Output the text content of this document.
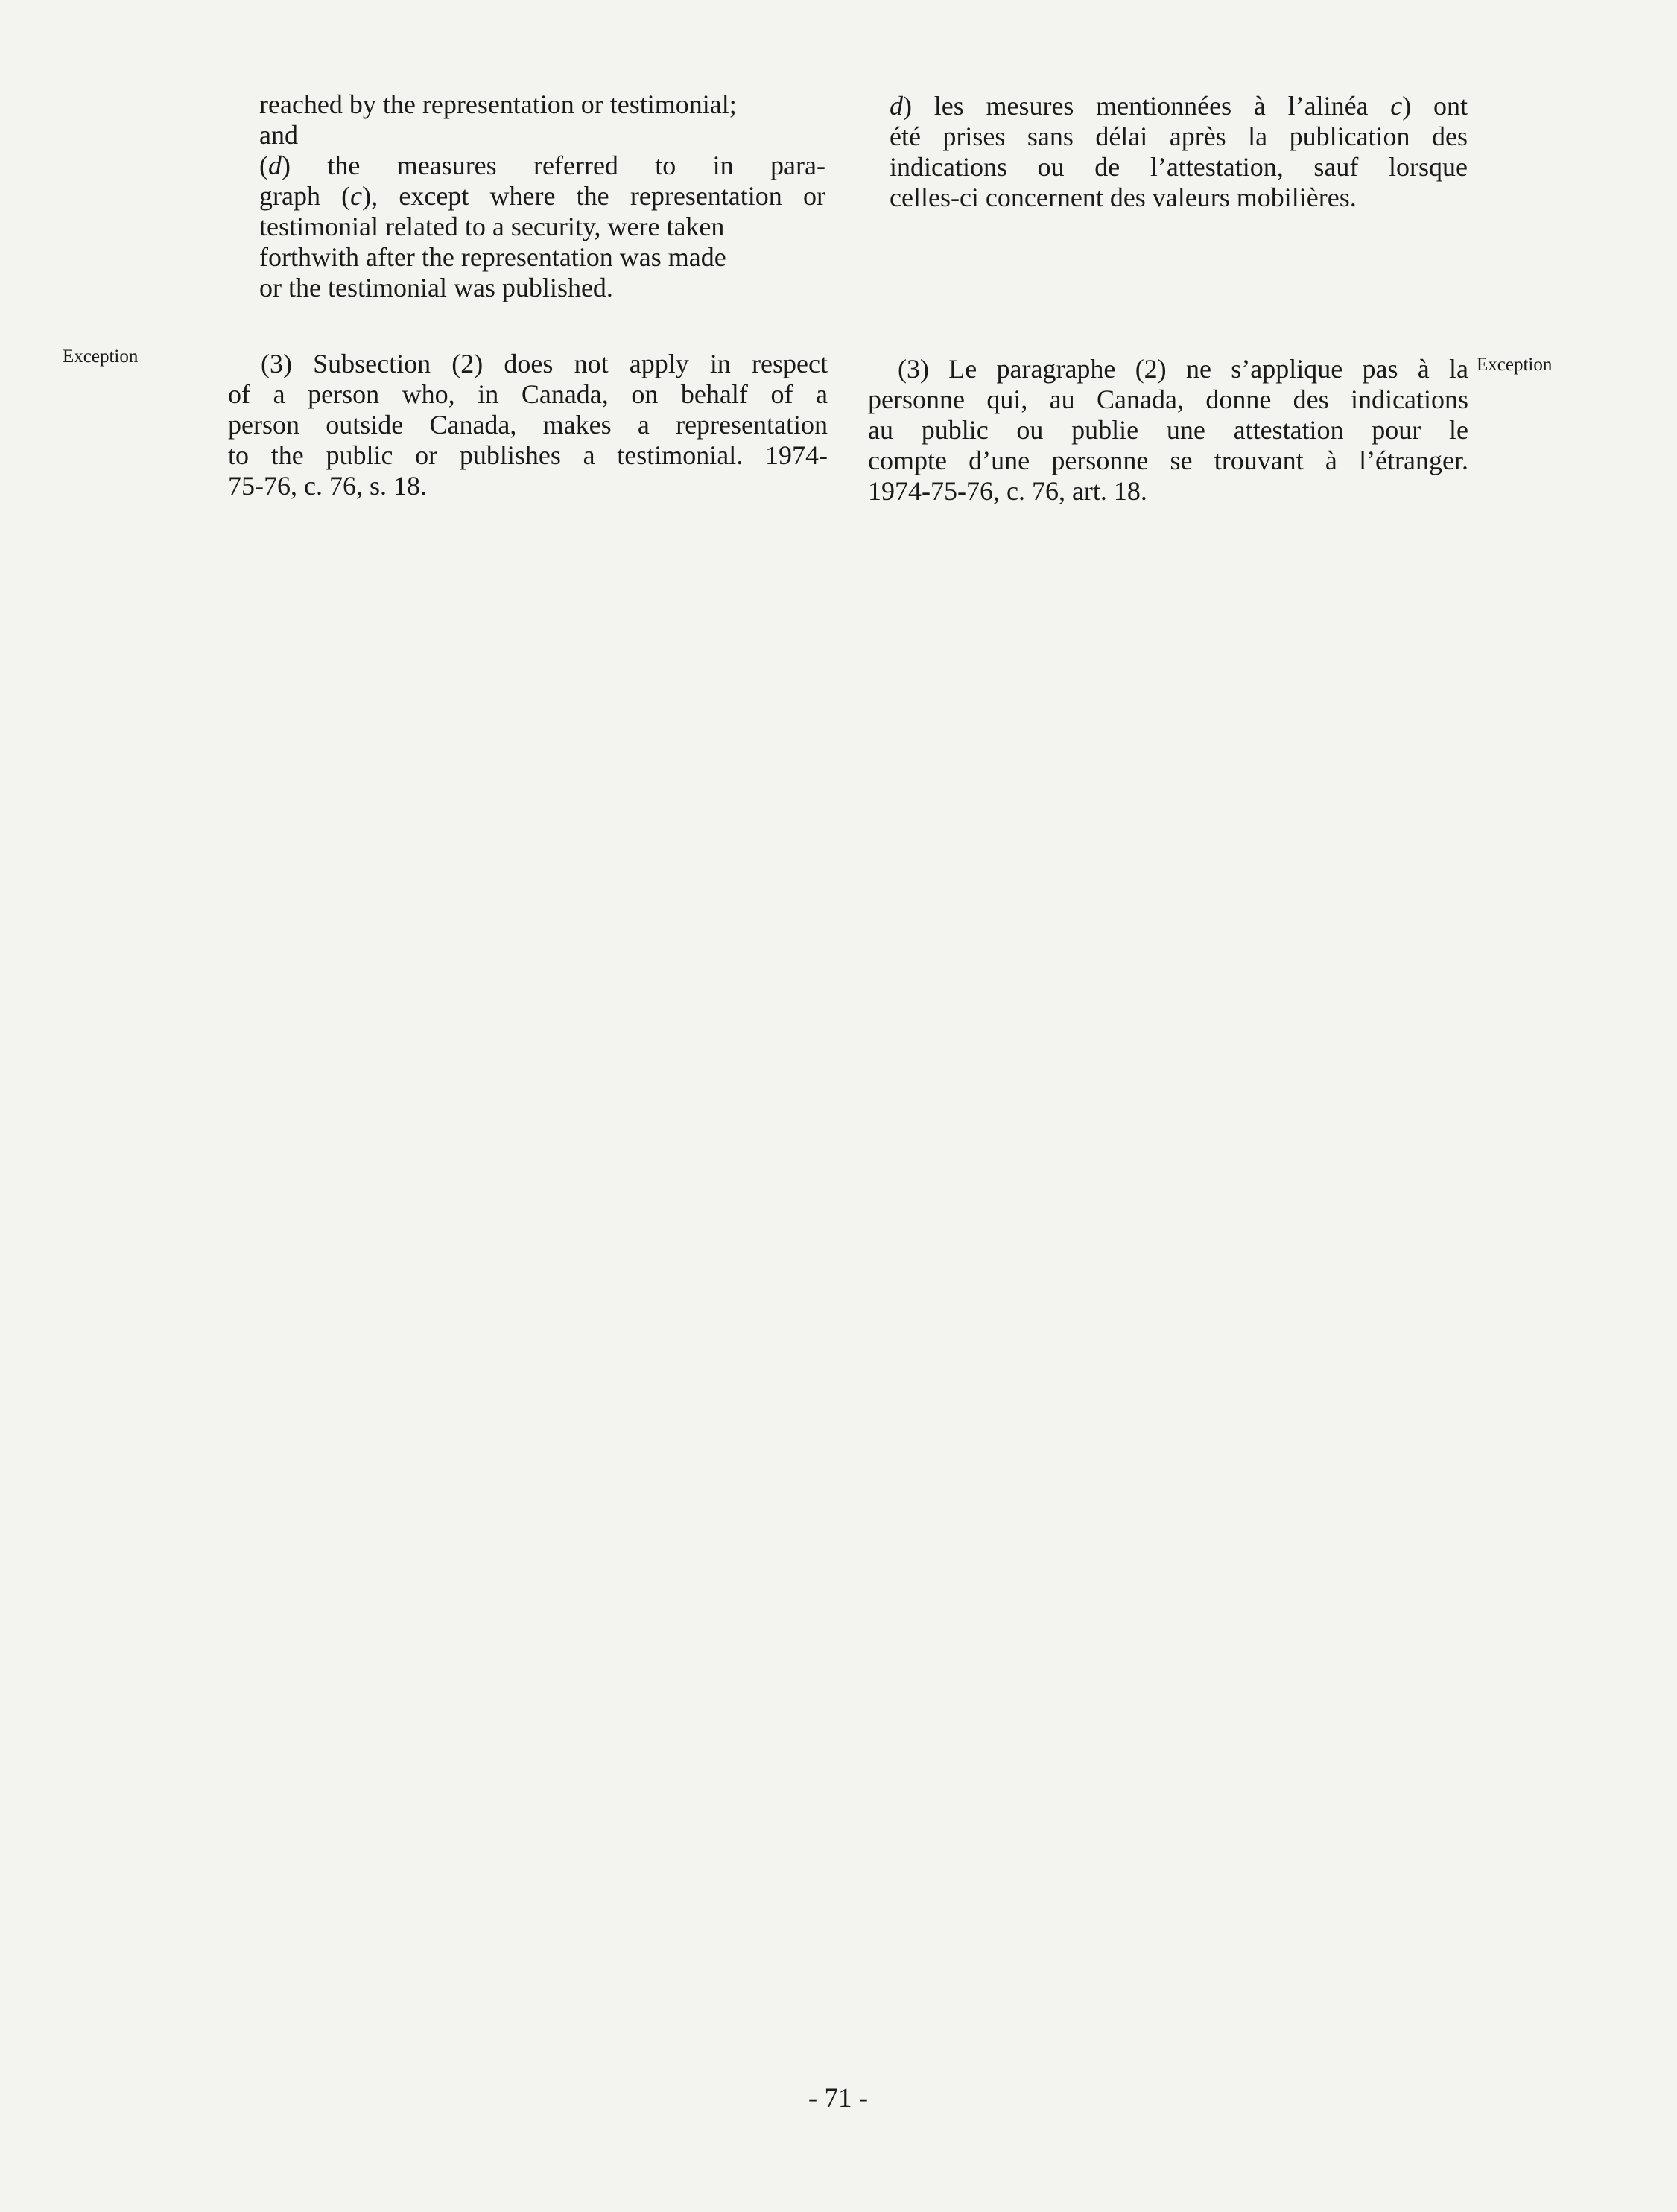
Exception	Exception

reached by the representation or testimonial;

and

(d) the measures referred to in para-

graph (c), except where the representation or

testimonial related to a security, were taken

forthwith after the representation was made

or the testimonial was published.

(3) Subsection (2) does not apply in respect

of a person who, in Canada, on behalf of a

person outside Canada, makes a representation

to the public or publishes a testimonial. 1974-

75-76, c. 76, s. 18.

d) les mesures mentionnées à l’alinéa c) ont

été prises sans délai après la publication des

indications ou de l’attestation, sauf lorsque

celles-ci concernent des valeurs mobilières.

(3) Le paragraphe (2) ne s’applique pas à la

personne qui, au Canada, donne des indications

au public ou publie une attestation pour le

compte d’une personne se trouvant à l’étranger.

1974-75-76, c. 76, art. 18.

- 71 -
